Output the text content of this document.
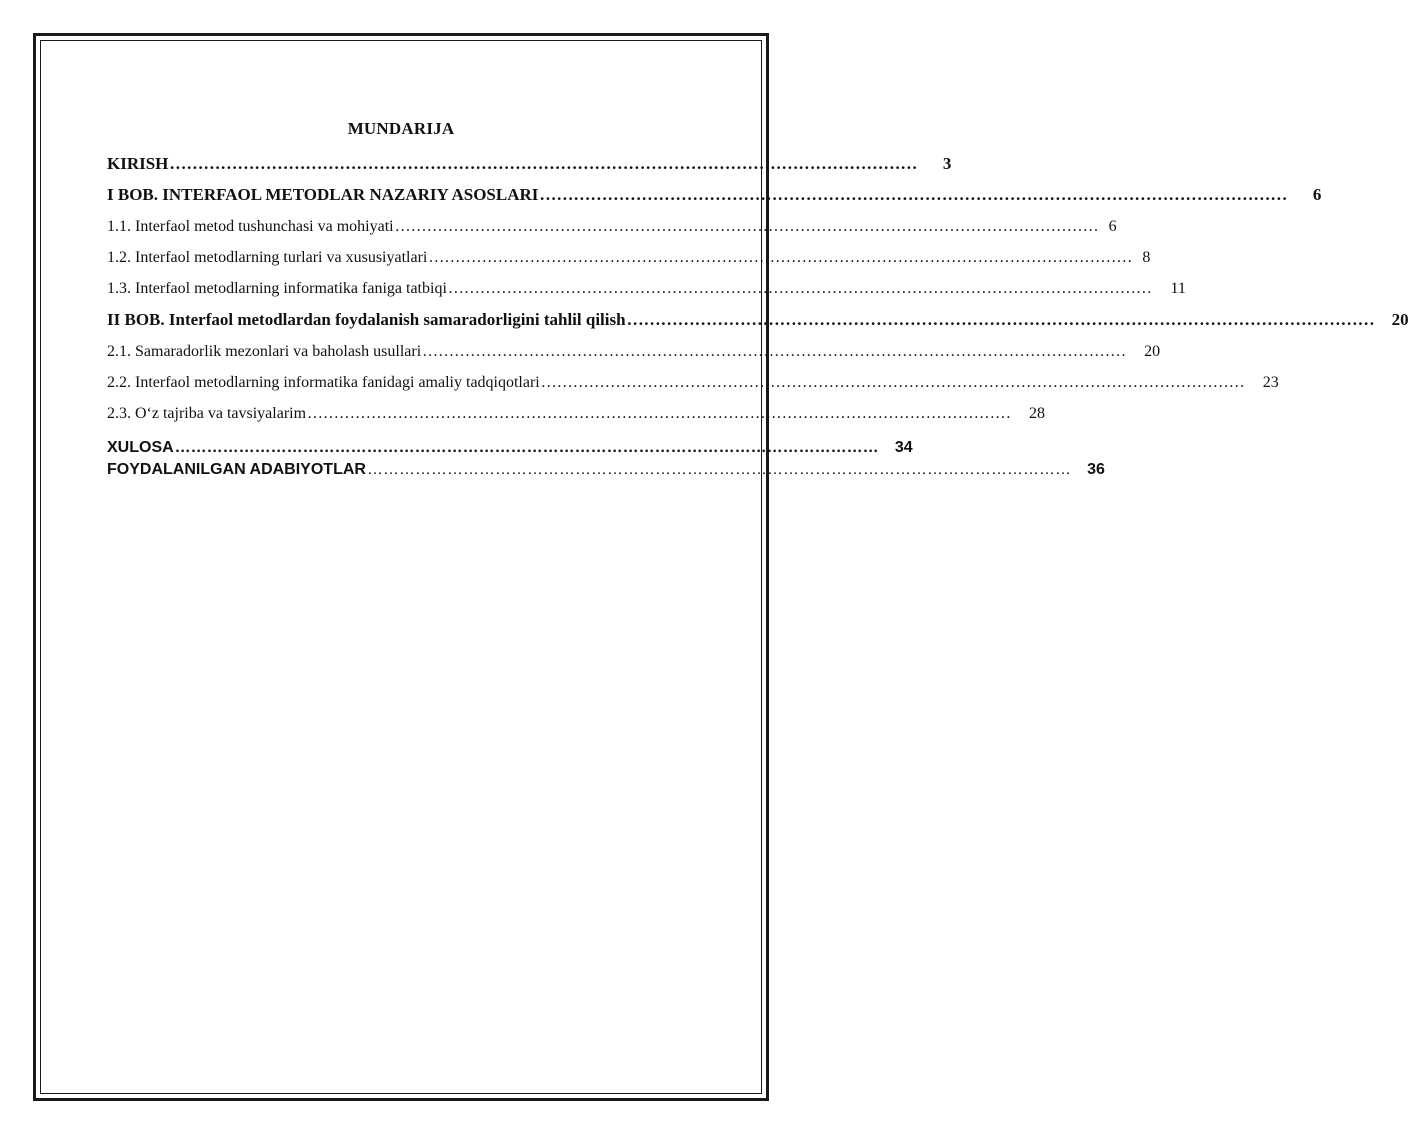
MUNDARIJA
KIRISH ……………………………………………………………………………………………………………………	3
I BOB. INTERFAOL METODLAR NAZARIY ASOSLARI ……………………………………………………………………………………………………………………	6
1.1. Interfaol metod tushunchasi va mohiyati …………………………………………………………………………………………………………………… 6
1.2. Interfaol metodlarning turlari va xususiyatlari …………………………………………………………………………………………………………………… 8
1.3. Interfaol metodlarning informatika faniga tatbiqi ……………………………………………………………………………………………………………………	11
II BOB. Interfaol metodlardan foydalanish samaradorligini tahlil qilish ……………………………………………………………………………………………………………………	20
2.1. Samaradorlik mezonlari va baholash usullari ……………………………………………………………………………………………………………………	20
2.2. Interfaol metodlarning informatika fanidagi amaliy tadqiqotlari ……………………………………………………………………………………………………………………	23
2.3. O‘z tajriba va tavsiyalarim ……………………………………………………………………………………………………………………	28
XULOSA ……………………………………………………………………………………………………………………	34
FOYDALANILGAN ADABIYOTLAR ……………………………………………………………………………………………………………………	36
